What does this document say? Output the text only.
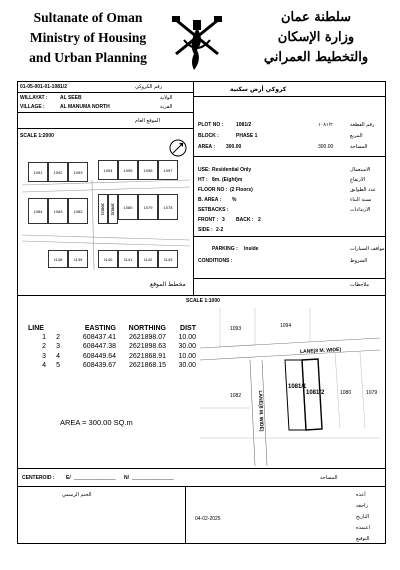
Sultanate of Oman
Ministry of Housing
and Urban Planning
سلطنة عمان
وزارة الإسكان
والتخطيط العمراني
01-05-001-01-1081/2	رقم الكروكي
WILLAYAT : AL SEEB	الولاية
VILLAGE :	AL MANUMA NORTH	القرية
SCALE 1:2000
الموقع العام
1091	1092	1093	1094	1095	1096	1097
1084	1083	1082	1081/1	1081/2	1080	1079	1078
1138	1139	1140	1141	1142	1143
مخطط الموقع
كروكي أرض سكنية
PLOT NO :	1081/2	١٠٨١/٢	رقم القطعة
BLOCK :	PHASE 1	المربع
AREA : 300.00	300.00	المساحة
USE: Residential Only	الاستعمال
HT : 8m. (Eight)m	الارتفاع
FLOOR NO : (2 Floors)	عدد الطوابق
B. AREA : %	نسبة البناء
SETBACKS :	الارتدادات
FRONT : 3 BACK : 2
SIDE : 2-2
PARKING : Inside	مواقف السيارات
CONDITIONS :	الشروط
ملاحظات
SCALE 1:1000
LINE	EASTING	NORTHING	DIST
1	2	608437.41	2621898.07	10.00
2	3	608447.38	2621898.63	30.00
3	4	608449.64	2621868.91	10.00
4	5	608439.67	2621868.15	30.00
AREA = 300.00 SQ.m
1093	1094
1082
1081/1
1081/2	1080	1079
LANE(8 M. WIDE)
LANE(8 M. WIDE)
CENTEROID : E/ _______________ N/ _______________	المساحة
الختم الرسمي
04-02-2025
أعده
راجعه
التاريخ
اعتمده
التوقيع
